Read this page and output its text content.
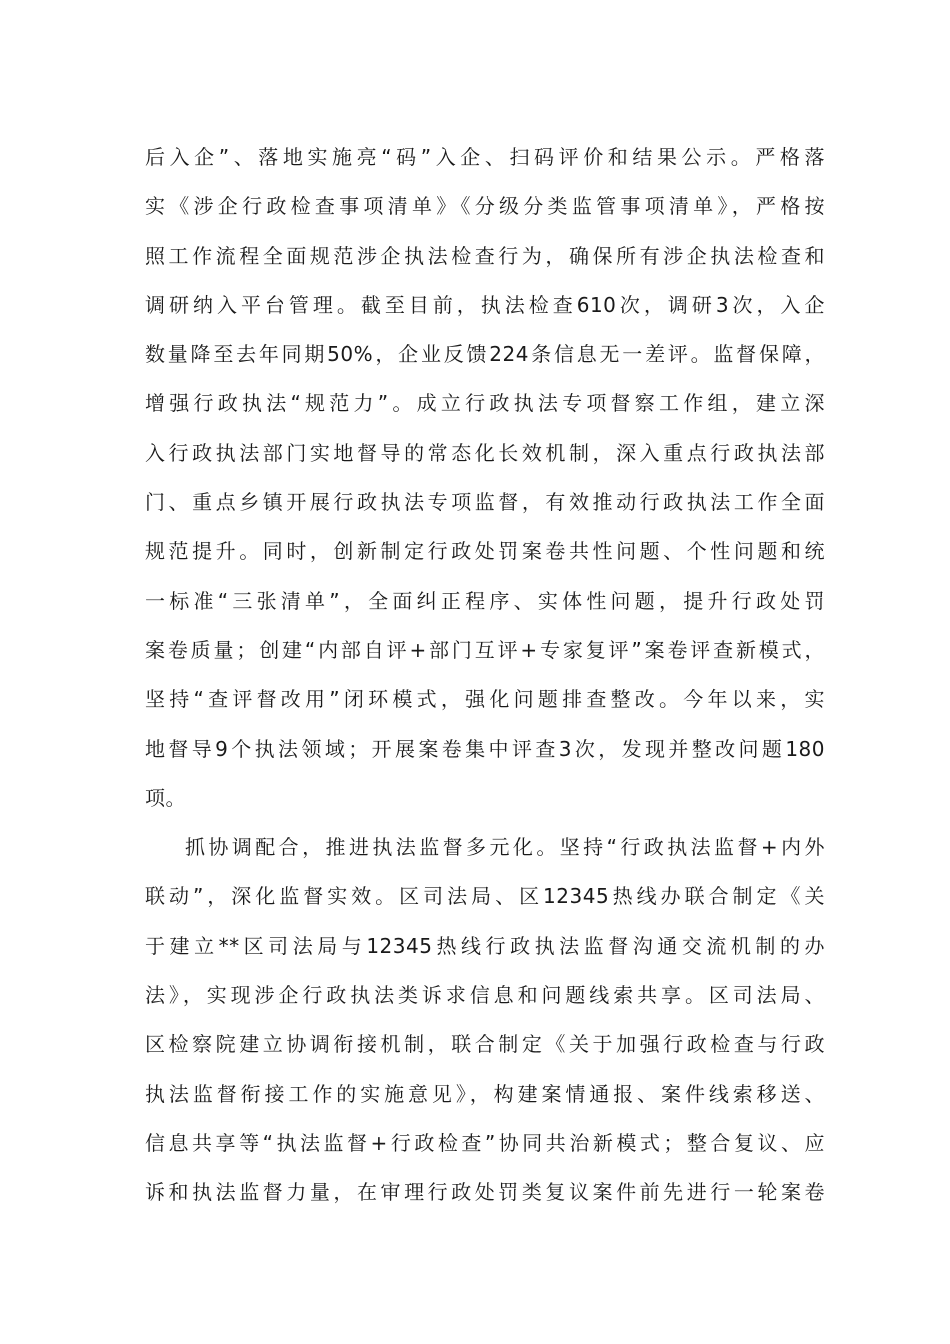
后入企”、落地实施亮“码”入企、扫码评价和结果公示。严格落
实《涉企行政检查事项清单》《分级分类监管事项清单》，严格按
照工作流程全面规范涉企执法检查行为，确保所有涉企执法检查和
调研纳入平台管理。截至目前，执法检查610次，调研3次，入企
数量降至去年同期50%，企业反馈224条信息无一差评。监督保障，
增强行政执法“规范力”。成立行政执法专项督察工作组，建立深
入行政执法部门实地督导的常态化长效机制，深入重点行政执法部
门、重点乡镇开展行政执法专项监督，有效推动行政执法工作全面
规范提升。同时，创新制定行政处罚案卷共性问题、个性问题和统
一标准“三张清单”，全面纠正程序、实体性问题，提升行政处罚
案卷质量；创建“内部自评+部门互评+专家复评”案卷评查新模式，
坚持“查评督改用”闭环模式，强化问题排查整改。今年以来，实
地督导9个执法领域；开展案卷集中评查3次，发现并整改问题180
项。
抓协调配合，推进执法监督多元化。坚持“行政执法监督+内外
联动”，深化监督实效。区司法局、区12345热线办联合制定《关
于建立**区司法局与12345热线行政执法监督沟通交流机制的办
法》，实现涉企行政执法类诉求信息和问题线索共享。区司法局、
区检察院建立协调衔接机制，联合制定《关于加强行政检查与行政
执法监督衔接工作的实施意见》，构建案情通报、案件线索移送、
信息共享等“执法监督+行政检查”协同共治新模式；整合复议、应
诉和执法监督力量，在审理行政处罚类复议案件前先进行一轮案卷
